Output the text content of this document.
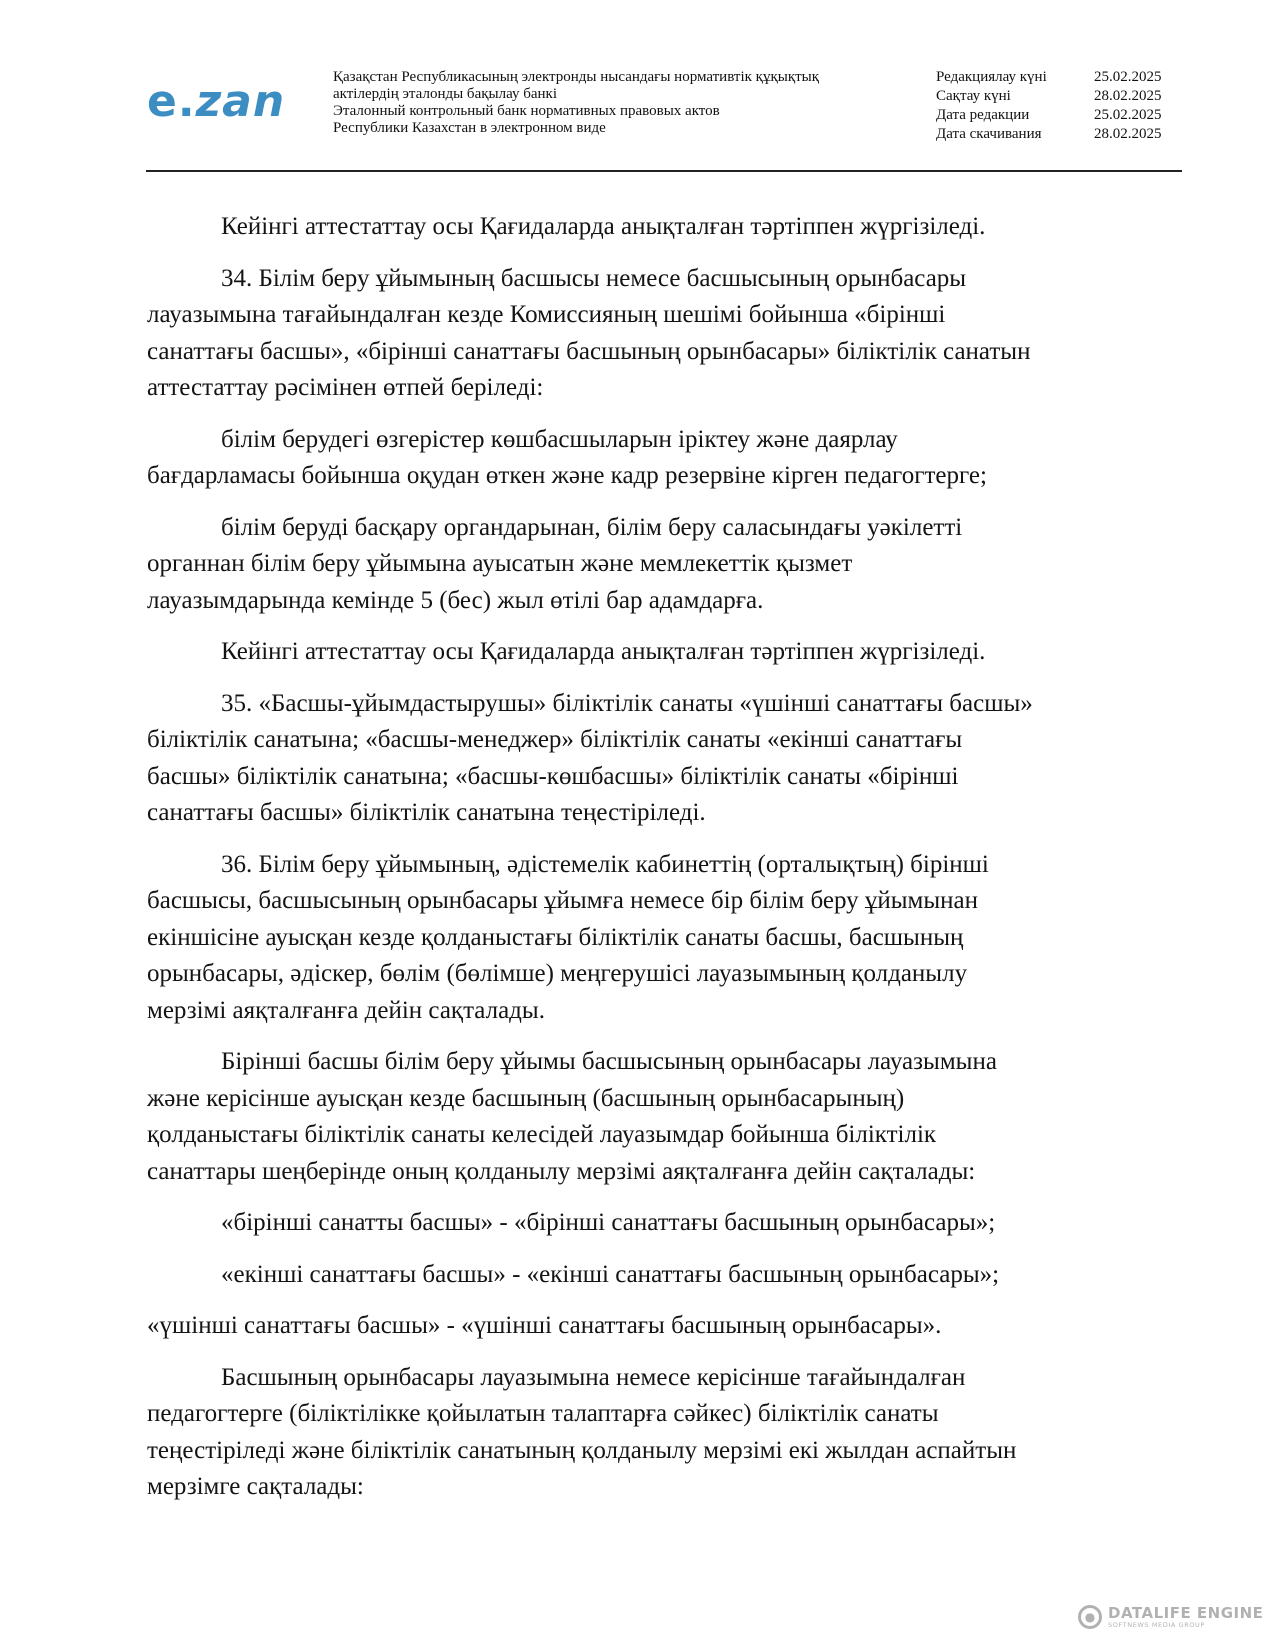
e. zan	Қазақстан Республикасының электронды нысандағы нормативтік құқықтық
актілердің эталонды бақылау банкі
Эталонный контрольный банк нормативных правовых актов
Республики Казахстан в электронном виде
Редакциялау күні	25.02.2025
Сақтау күні	28.02.2025
Дата редакции	25.02.2025
Дата скачивания	28.02.2025

Кейінгі аттестаттау осы Қағидаларда анықталған тәртіппен жүргізіледі.

34. Білім беру ұйымының басшысы немесе басшысының орынбасары
лауазымына тағайындалған кезде Комиссияның шешімі бойынша «бірінші
санаттағы басшы», «бірінші санаттағы басшының орынбасары» біліктілік санатын
аттестаттау рәсімінен өтпей беріледі:

білім берудегі өзгерістер көшбасшыларын іріктеу және даярлау
бағдарламасы бойынша оқудан өткен және кадр резервіне кірген педагогтерге;

білім беруді басқару органдарынан, білім беру саласындағы уәкілетті
органнан білім беру ұйымына ауысатын және мемлекеттік қызмет
лауазымдарында кемінде 5 (бес) жыл өтілі бар адамдарға.

Кейінгі аттестаттау осы Қағидаларда анықталған тәртіппен жүргізіледі.

35. «Басшы-ұйымдастырушы» біліктілік санаты «үшінші санаттағы басшы»
біліктілік санатына; «басшы-менеджер» біліктілік санаты «екінші санаттағы
басшы» біліктілік санатына; «басшы-көшбасшы» біліктілік санаты «бірінші
санаттағы басшы» біліктілік санатына теңестіріледі.

36. Білім беру ұйымының, әдістемелік кабинеттің (орталықтың) бірінші
басшысы, басшысының орынбасары ұйымға немесе бір білім беру ұйымынан
екіншісіне ауысқан кезде қолданыстағы біліктілік санаты басшы, басшының
орынбасары, әдіскер, бөлім (бөлімше) меңгерушісі лауазымының қолданылу
мерзімі аяқталғанға дейін сақталады.

Бірінші басшы білім беру ұйымы басшысының орынбасары лауазымына
және керісінше ауысқан кезде басшының (басшының орынбасарының)
қолданыстағы біліктілік санаты келесідей лауазымдар бойынша біліктілік
санаттары шеңберінде оның қолданылу мерзімі аяқталғанға дейін сақталады:

«бірінші санатты басшы» - «бірінші санаттағы басшының орынбасары»;

«екінші санаттағы басшы» - «екінші санаттағы басшының орынбасары»;

«үшінші санаттағы басшы» - «үшінші санаттағы басшының орынбасары».

Басшының орынбасары лауазымына немесе керісінше тағайындалған
педагогтерге (біліктілікке қойылатын талаптарға сәйкес) біліктілік санаты
теңестіріледі және біліктілік санатының қолданылу мерзімі екі жылдан аспайтын
мерзімге сақталады:

● DATALIFE ENGINE
SOFTNEWS MEDIA GROUP
